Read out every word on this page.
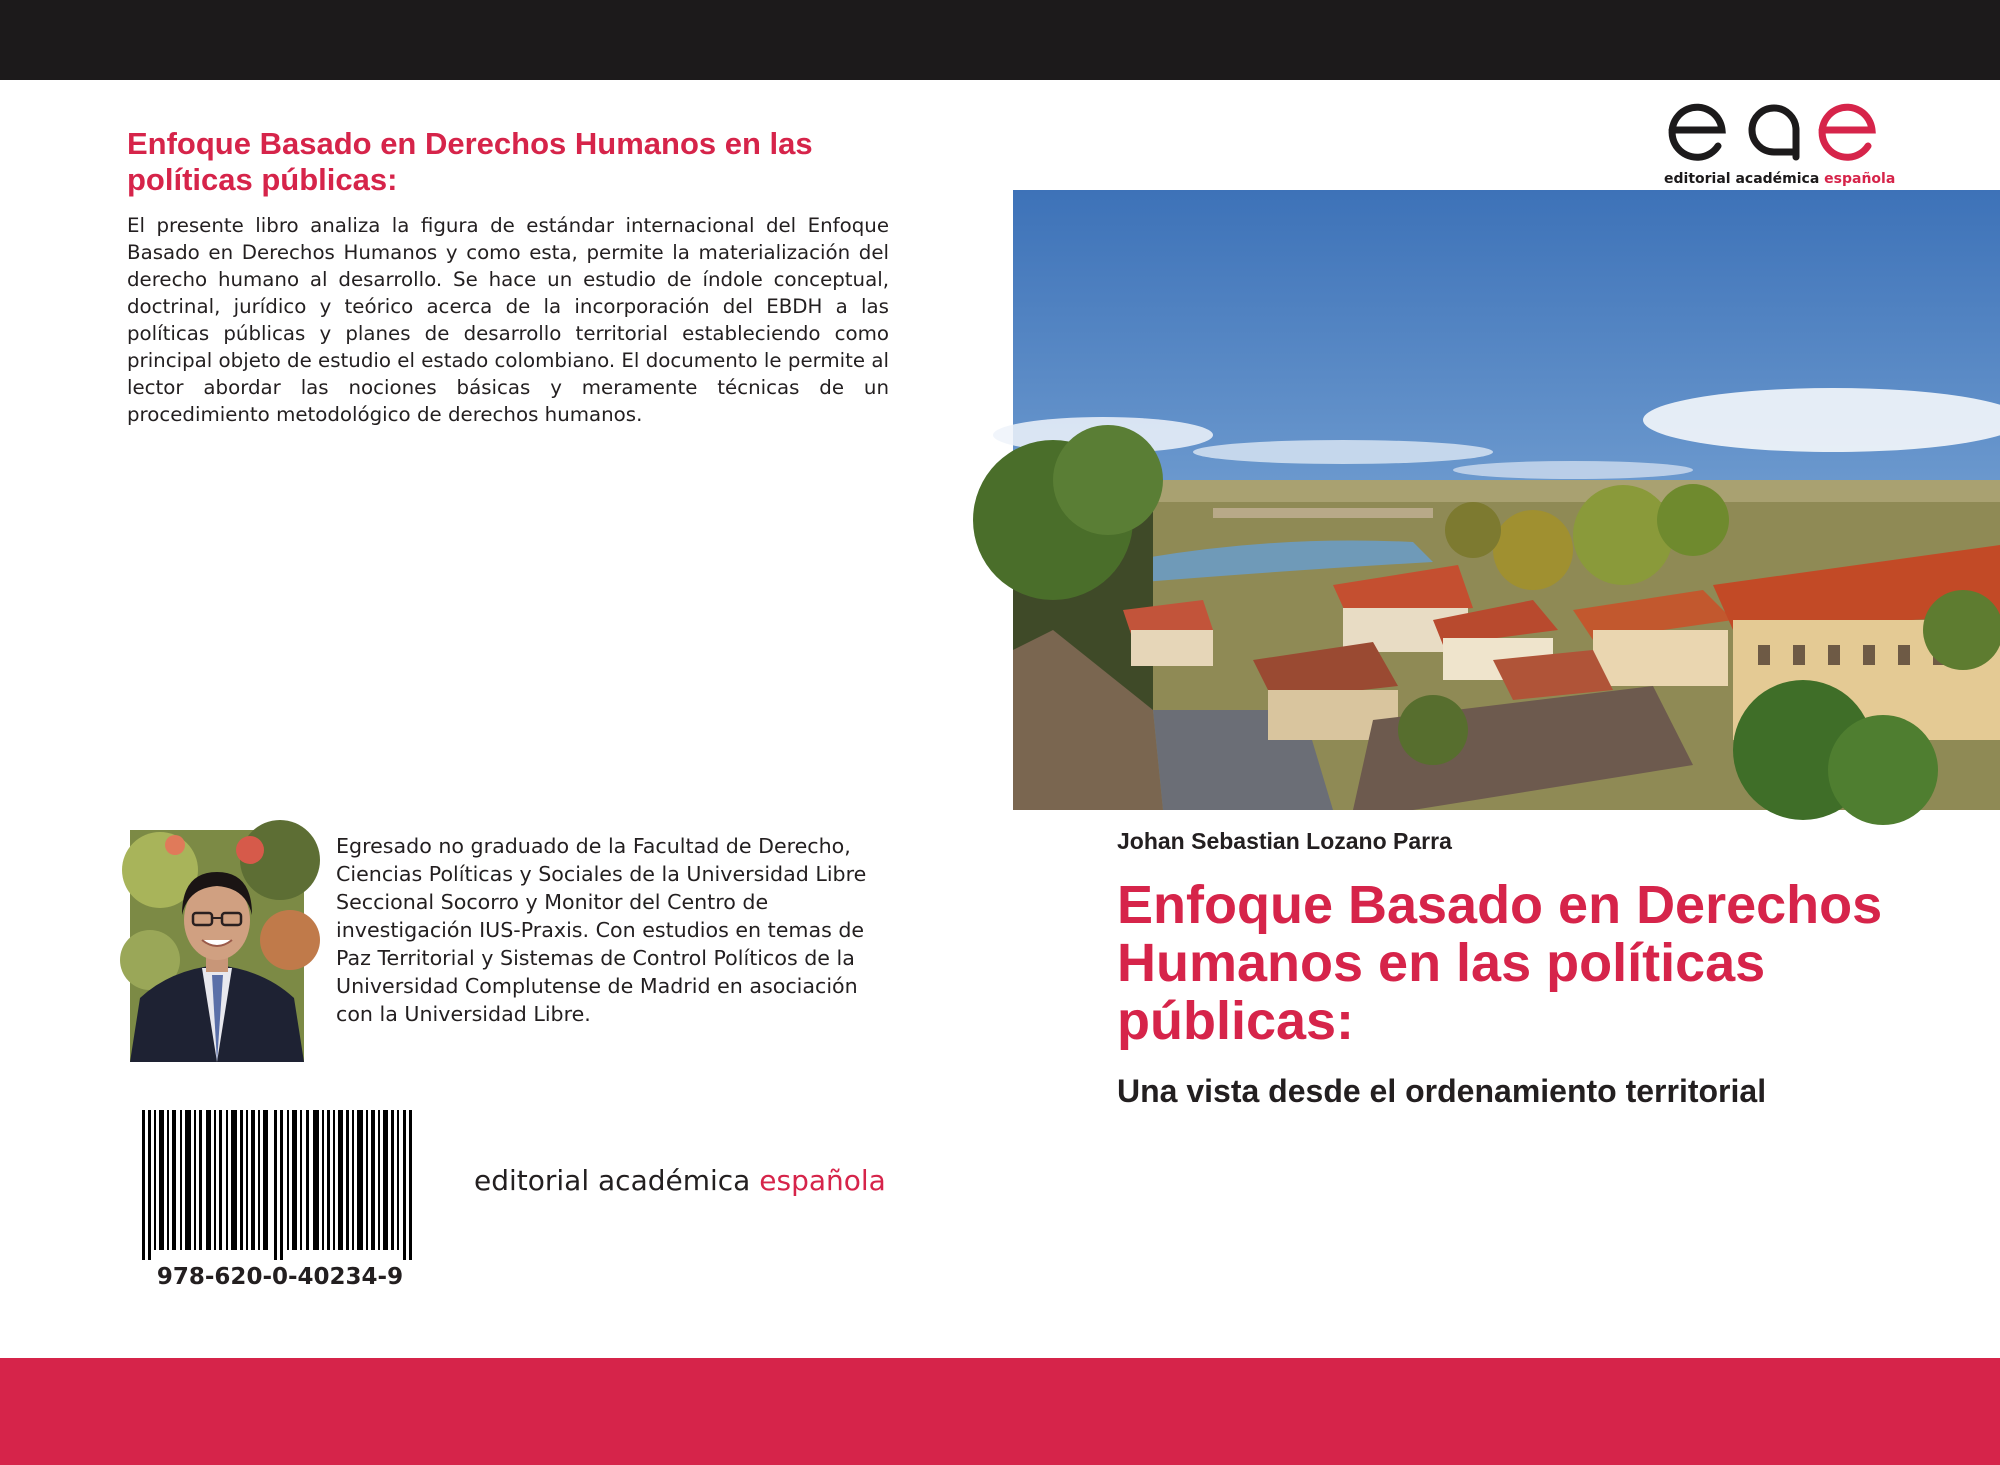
Enfoque Basado en Derechos Humanos en las políticas públicas:

El presente libro analiza la figura de estándar internacional del Enfoque Basado en Derechos Humanos y como esta, permite la materialización del derecho humano al desarrollo. Se hace un estudio de índole conceptual, doctrinal, jurídico y teórico acerca de la incorporación del EBDH a las políticas públicas y planes de desarrollo territorial estableciendo como principal objeto de estudio el estado colombiano. El documento le permite al lector abordar las nociones básicas y meramente técnicas de un procedimiento metodológico de derechos humanos.

Egresado no graduado de la Facultad de Derecho, Ciencias Políticas y Sociales de la Universidad Libre Seccional Socorro y Monitor del Centro de investigación IUS-Praxis. Con estudios en temas de Paz Territorial y Sistemas de Control Políticos de la Universidad Complutense de Madrid en asociación con la Universidad Libre.

978-620-0-40234-9
editorial académica española
editorial académica española
Johan Sebastian Lozano Parra
Enfoque Basado en Derechos Humanos en las políticas públicas:
Una vista desde el ordenamiento territorial
